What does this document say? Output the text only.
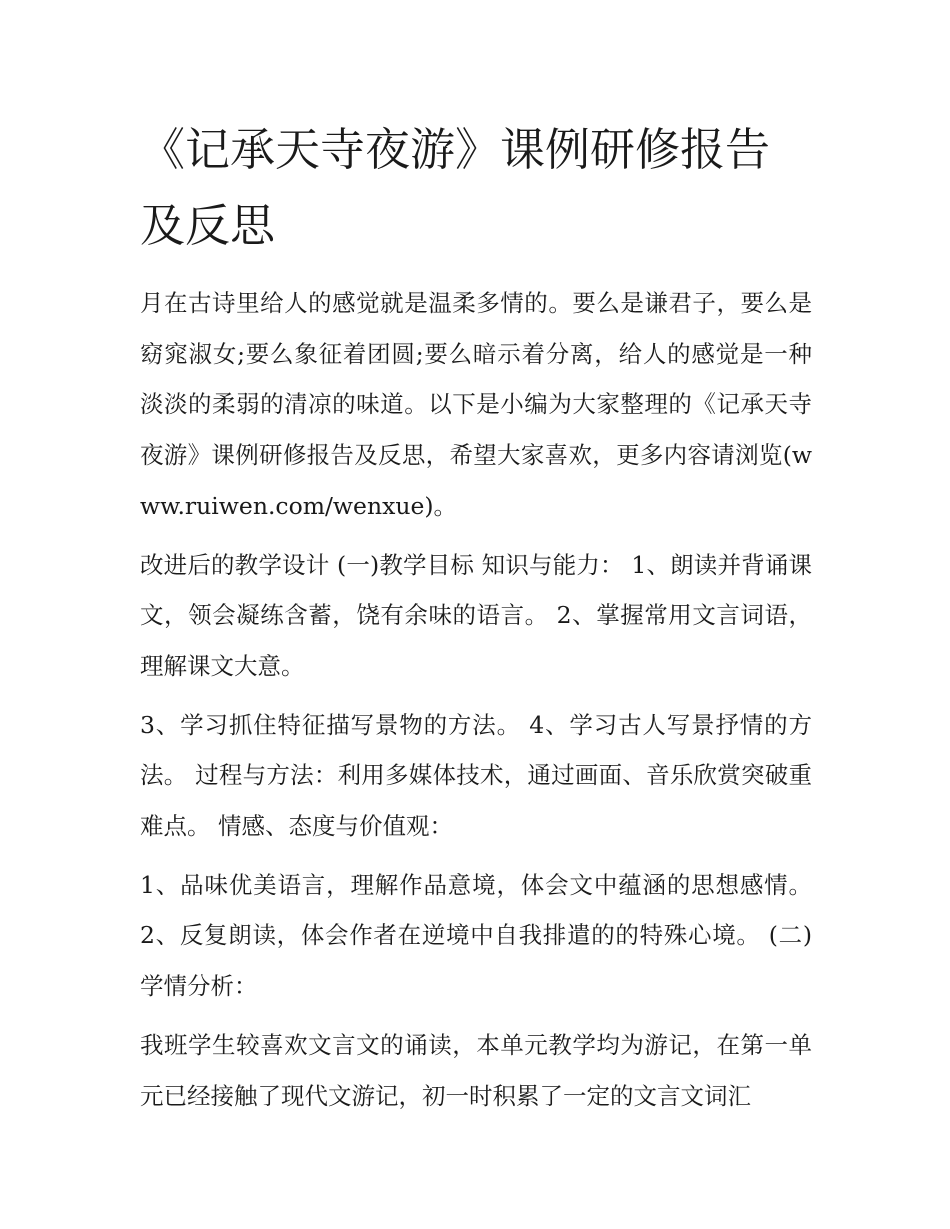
《记承天寺夜游》课例研修报告及反思

月在古诗里给人的感觉就是温柔多情的。要么是谦君子，要么是窈窕淑女;要么象征着团圆;要么暗示着分离，给人的感觉是一种淡淡的柔弱的清凉的味道。以下是小编为大家整理的《记承天寺夜游》课例研修报告及反思，希望大家喜欢，更多内容请浏览(www.ruiwen.com/wenxue)。

改进后的教学设计 (一)教学目标 知识与能力： 1、朗读并背诵课文，领会凝练含蓄，饶有余味的语言。 2、掌握常用文言词语，理解课文大意。

3、学习抓住特征描写景物的方法。 4、学习古人写景抒情的方法。 过程与方法：利用多媒体技术，通过画面、音乐欣赏突破重难点。 情感、态度与价值观：

1、品味优美语言，理解作品意境，体会文中蕴涵的思想感情。 2、反复朗读，体会作者在逆境中自我排遣的的特殊心境。 (二)学情分析：

我班学生较喜欢文言文的诵读，本单元教学均为游记，在第一单元已经接触了现代文游记，初一时积累了一定的文言文词汇
